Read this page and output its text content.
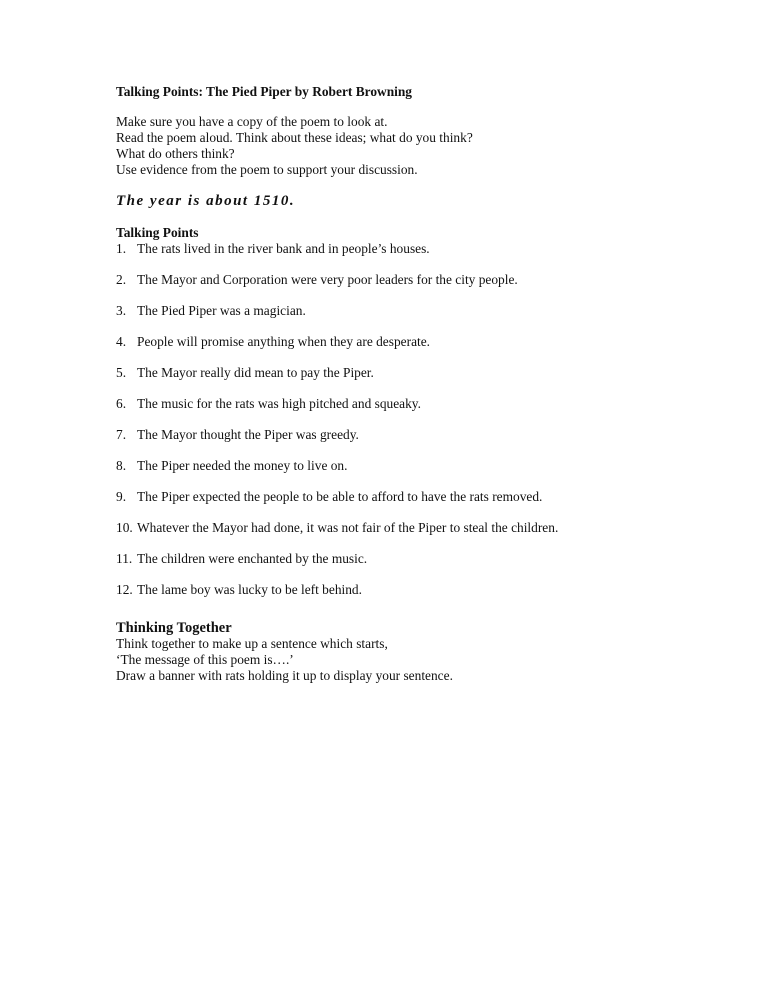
Talking Points: The Pied Piper by Robert Browning

Make sure you have a copy of the poem to look at.

Read the poem aloud. Think about these ideas; what do you think?

What do others think?

Use evidence from the poem to support your discussion.

The year is about 1510.

Talking Points

1. The rats lived in the river bank and in people’s houses.
2. The Mayor and Corporation were very poor leaders for the city people.
3. The Pied Piper was a magician.
4. People will promise anything when they are desperate.
5. The Mayor really did mean to pay the Piper.
6. The music for the rats was high pitched and squeaky.
7. The Mayor thought the Piper was greedy.
8. The Piper needed the money to live on.
9. The Piper expected the people to be able to afford to have the rats removed.
10. Whatever the Mayor had done, it was not fair of the Piper to steal the children.
11. The children were enchanted by the music.
12. The lame boy was lucky to be left behind.

Thinking Together

Think together to make up a sentence which starts,

‘The message of this poem is….’

Draw a banner with rats holding it up to display your sentence.
